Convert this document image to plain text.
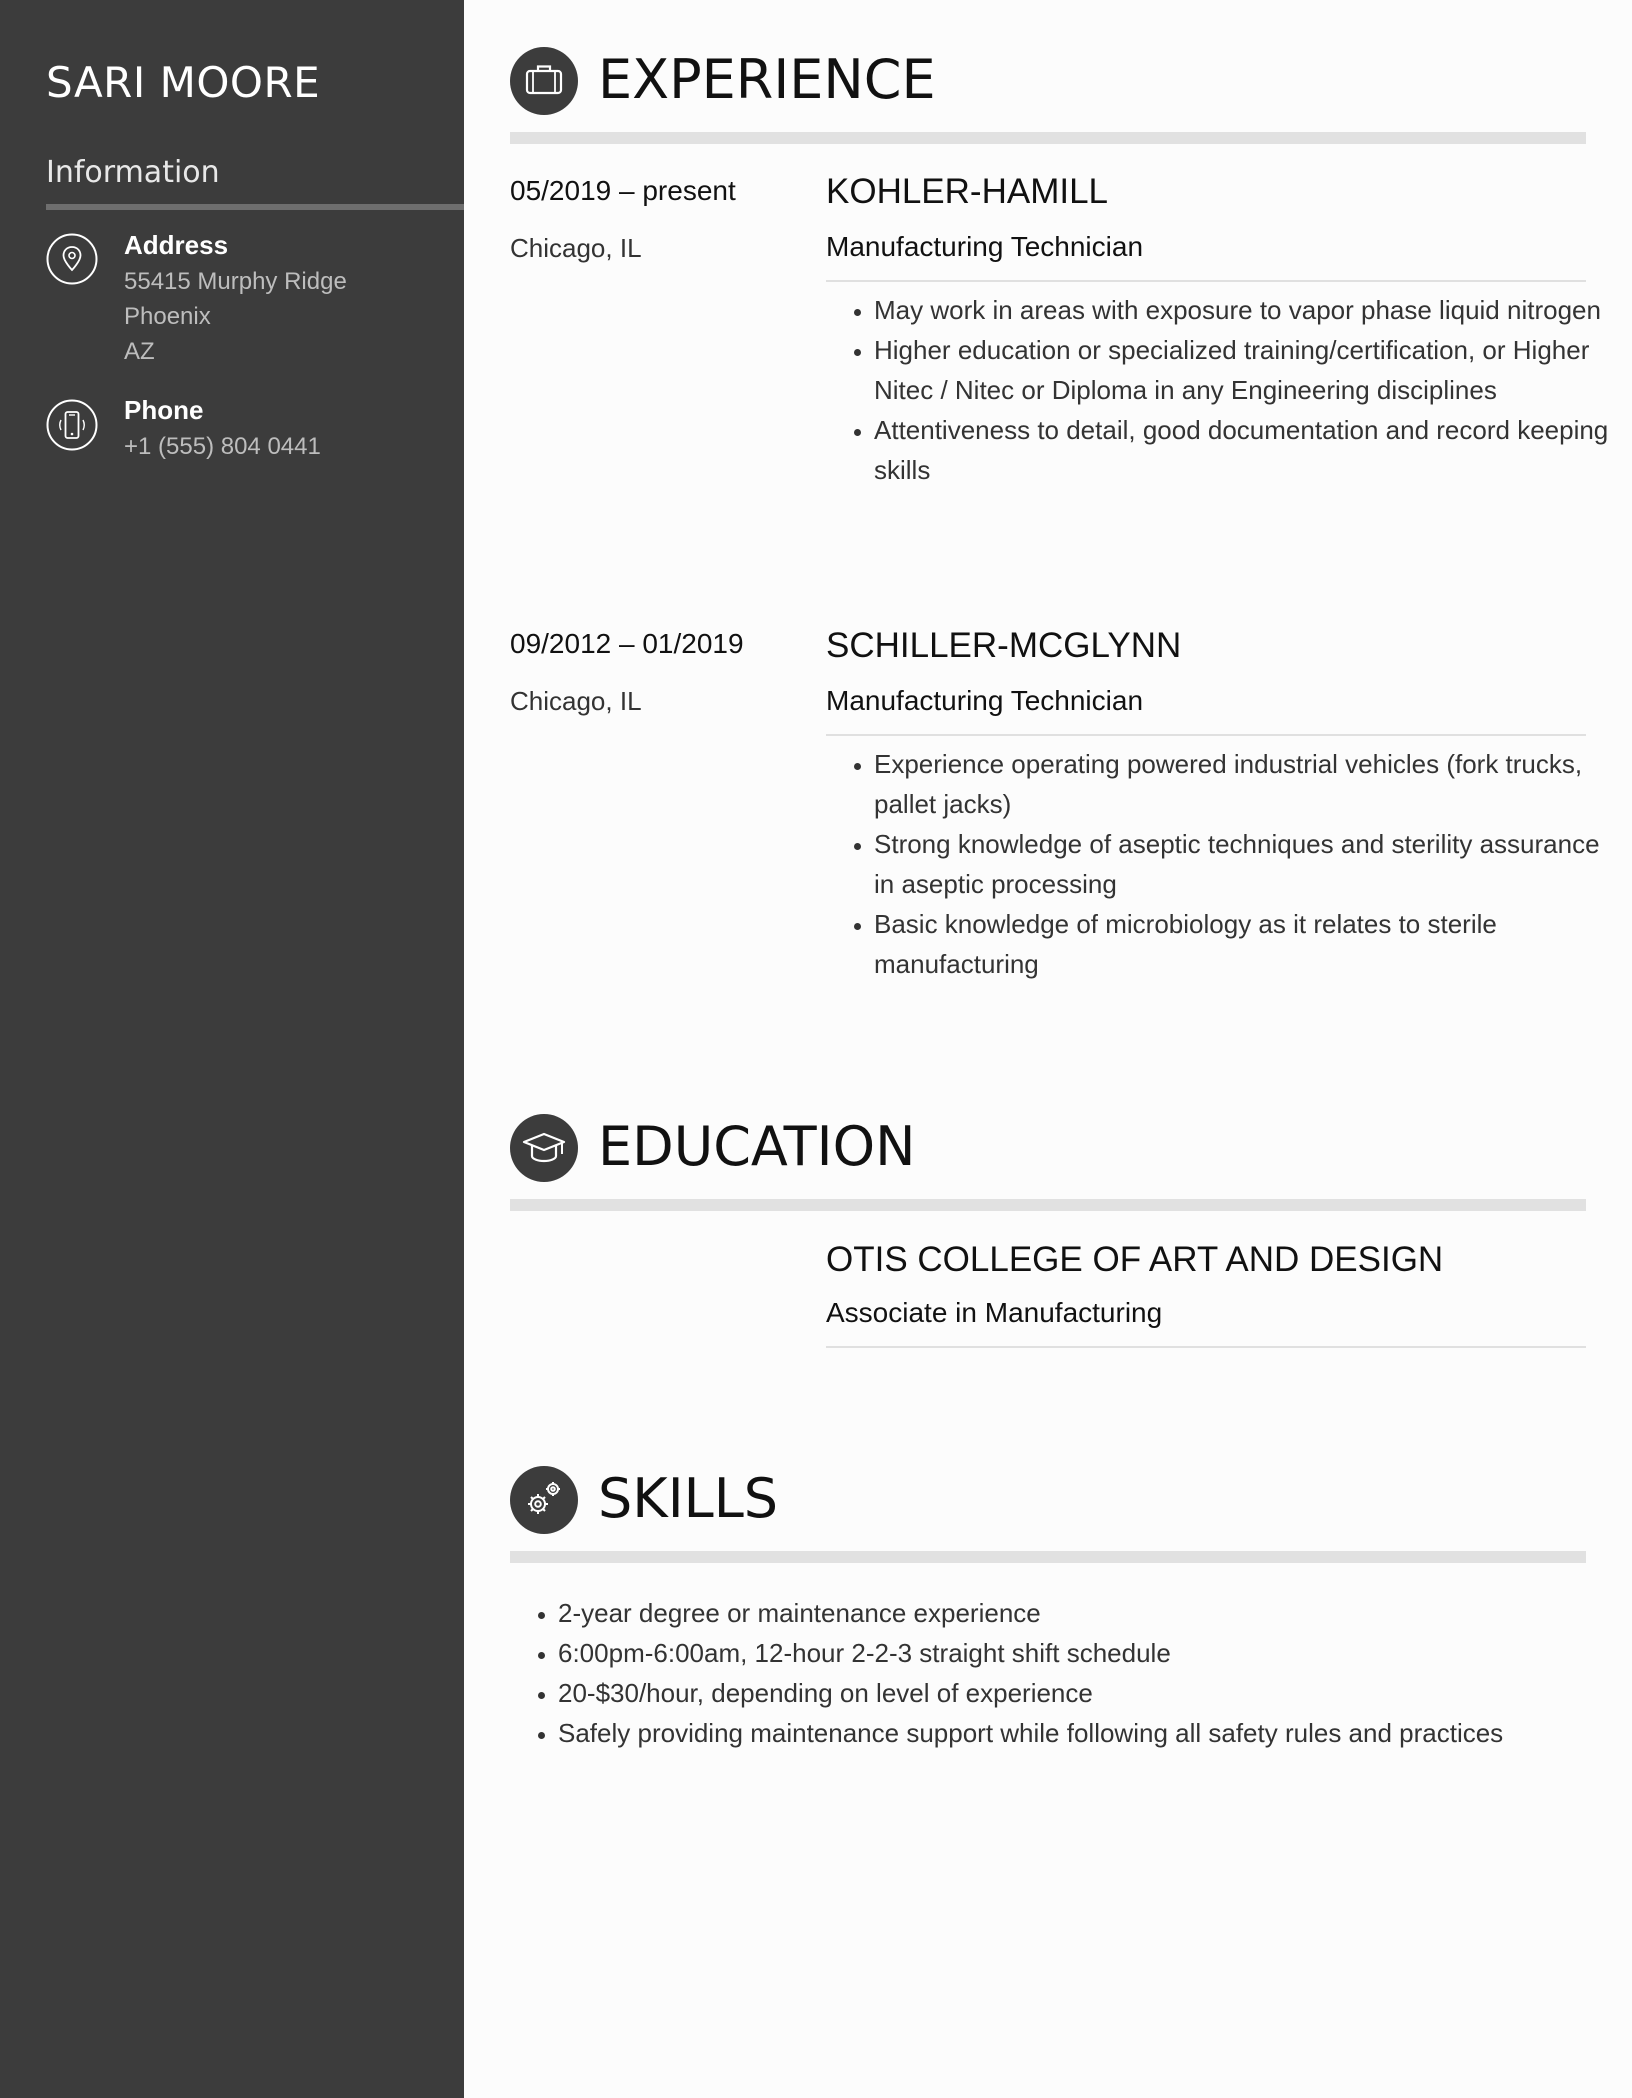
SARI MOORE
Information
Address
55415 Murphy Ridge
Phoenix
AZ
Phone
+1 (555) 804 0441
EXPERIENCE
05/2019 – present
Chicago, IL
KOHLER-HAMILL
Manufacturing Technician
• May work in areas with exposure to vapor phase liquid nitrogen
• Higher education or specialized training/certification, or Higher Nitec / Nitec or Diploma in any Engineering disciplines
• Attentiveness to detail, good documentation and record keeping skills
09/2012 – 01/2019
Chicago, IL
SCHILLER-MCGLYNN
Manufacturing Technician
• Experience operating powered industrial vehicles (fork trucks, pallet jacks)
• Strong knowledge of aseptic techniques and sterility assurance in aseptic processing
• Basic knowledge of microbiology as it relates to sterile manufacturing
EDUCATION
OTIS COLLEGE OF ART AND DESIGN
Associate in Manufacturing
SKILLS
• 2-year degree or maintenance experience
• 6:00pm-6:00am, 12-hour 2-2-3 straight shift schedule
• 20-$30/hour, depending on level of experience
• Safely providing maintenance support while following all safety rules and practices
